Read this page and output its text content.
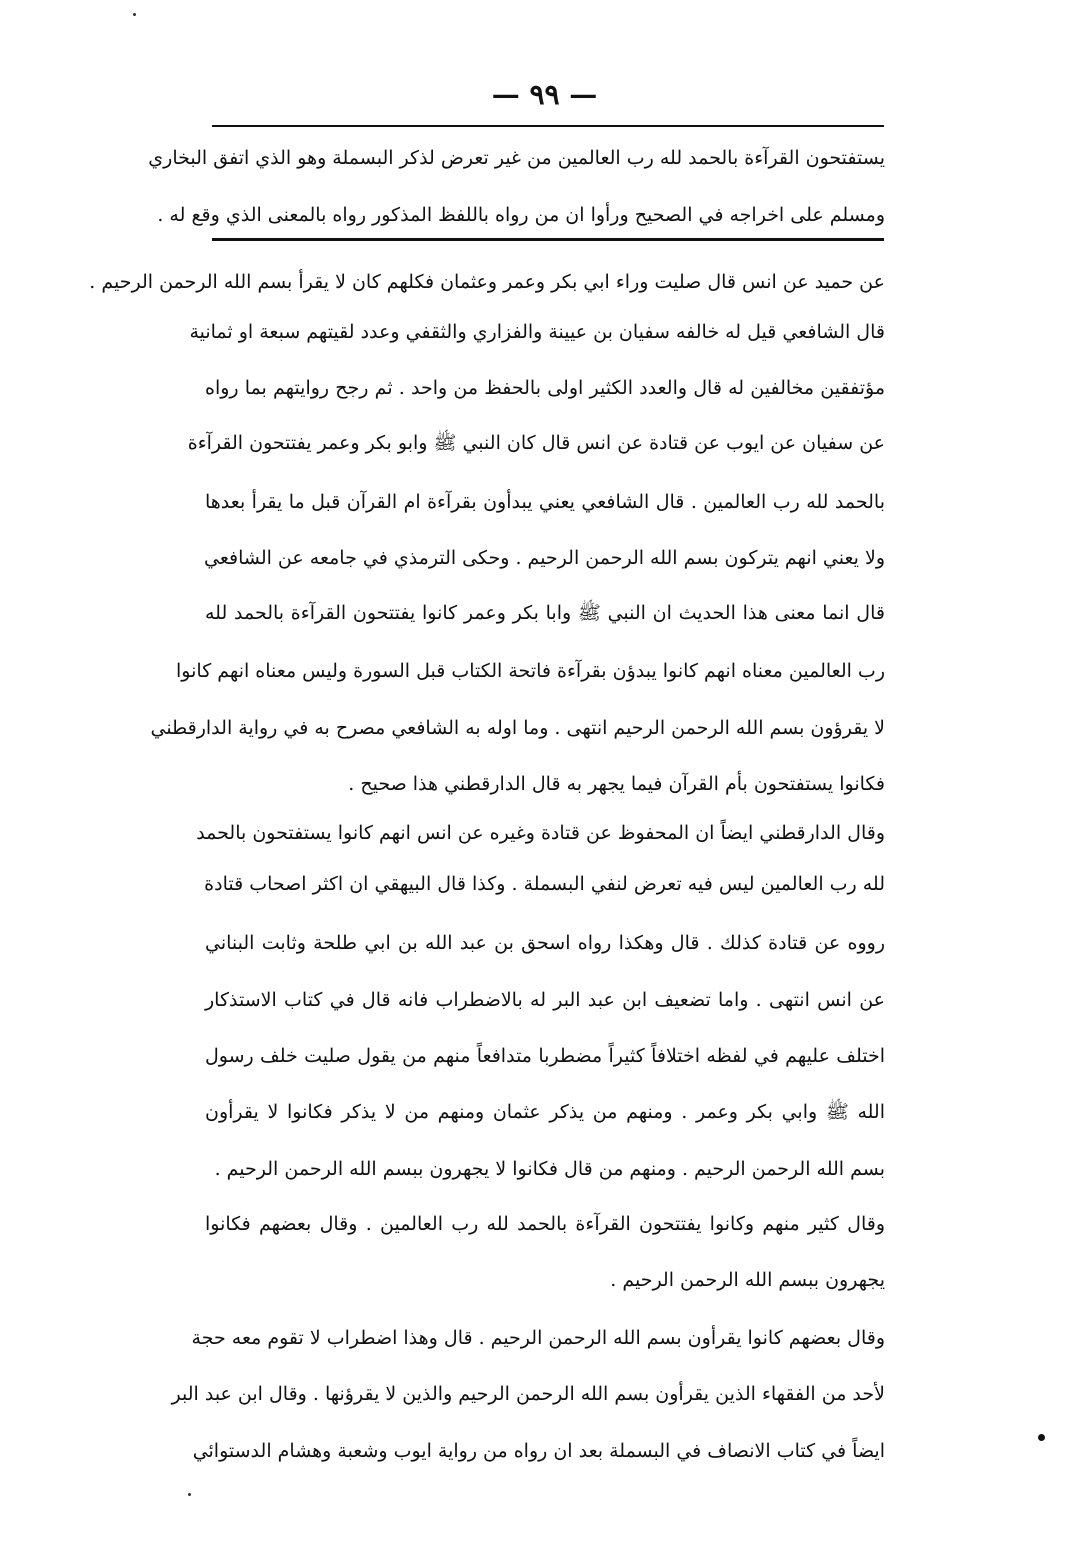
— ٩٩ —
يستفتحون القرآءة بالحمد لله رب العالمين من غير تعرض لذكر البسملة وهو الذي اتفق البخاري
ومسلم على اخراجه في الصحيح ورأوا ان من رواه باللفظ المذكور رواه بالمعنى الذي وقع له .
عن حميد عن انس قال صليت وراء ابي بكر وعمر وعثمان فكلهم كان لا يقرأ بسم الله الرحمن الرحيم .
قال الشافعي قيل له خالفه سفيان بن عيينة والفزاري والثقفي وعدد لقيتهم سبعة او ثمانية
مؤتفقين مخالفين له قال والعدد الكثير اولى بالحفظ من واحد . ثم رجح روايتهم بما رواه
عن سفيان عن ايوب عن قتادة عن انس قال كان النبي ﷺ وابو بكر وعمر يفتتحون القرآءة
بالحمد لله رب العالمين . قال الشافعي يعني يبدأون بقرآءة ام القرآن قبل ما يقرأ بعدها
ولا يعني انهم يتركون بسم الله الرحمن الرحيم . وحكى الترمذي في جامعه عن الشافعي
قال انما معنى هذا الحديث ان النبي ﷺ وابا بكر وعمر كانوا يفتتحون القرآءة بالحمد لله
رب العالمين معناه انهم كانوا يبدؤن بقرآءة فاتحة الكتاب قبل السورة وليس معناه انهم كانوا
لا يقرؤون بسم الله الرحمن الرحيم انتهى . وما اوله به الشافعي مصرح به في رواية الدارقطني
فكانوا يستفتحون بأم القرآن فيما يجهر به قال الدارقطني هذا صحيح .
وقال الدارقطني ايضاً ان المحفوظ عن قتادة وغيره عن انس انهم كانوا يستفتحون بالحمد
لله رب العالمين ليس فيه تعرض لنفي البسملة . وكذا قال البيهقي ان اكثر اصحاب قتادة
رووه عن قتادة كذلك . قال وهكذا رواه اسحق بن عبد الله بن ابي طلحة وثابت البناني
عن انس انتهى . واما تضعيف ابن عبد البر له بالاضطراب فانه قال في كتاب الاستذكار
اختلف عليهم في لفظه اختلافاً كثيراً مضطربا متدافعاً منهم من يقول صليت خلف رسول
الله ﷺ وابي بكر وعمر . ومنهم من يذكر عثمان ومنهم من لا يذكر فكانوا لا يقرأون
بسم الله الرحمن الرحيم . ومنهم من قال فكانوا لا يجهرون ببسم الله الرحمن الرحيم .
وقال كثير منهم وكانوا يفتتحون القرآءة بالحمد لله رب العالمين . وقال بعضهم فكانوا
يجهرون ببسم الله الرحمن الرحيم .
وقال بعضهم كانوا يقرأون بسم الله الرحمن الرحيم . قال وهذا اضطراب لا تقوم معه حجة
لأحد من الفقهاء الذين يقرأون بسم الله الرحمن الرحيم والذين لا يقرؤنها . وقال ابن عبد البر
ايضاً في كتاب الانصاف في البسملة بعد ان رواه من رواية ايوب وشعبة وهشام الدستوائي
